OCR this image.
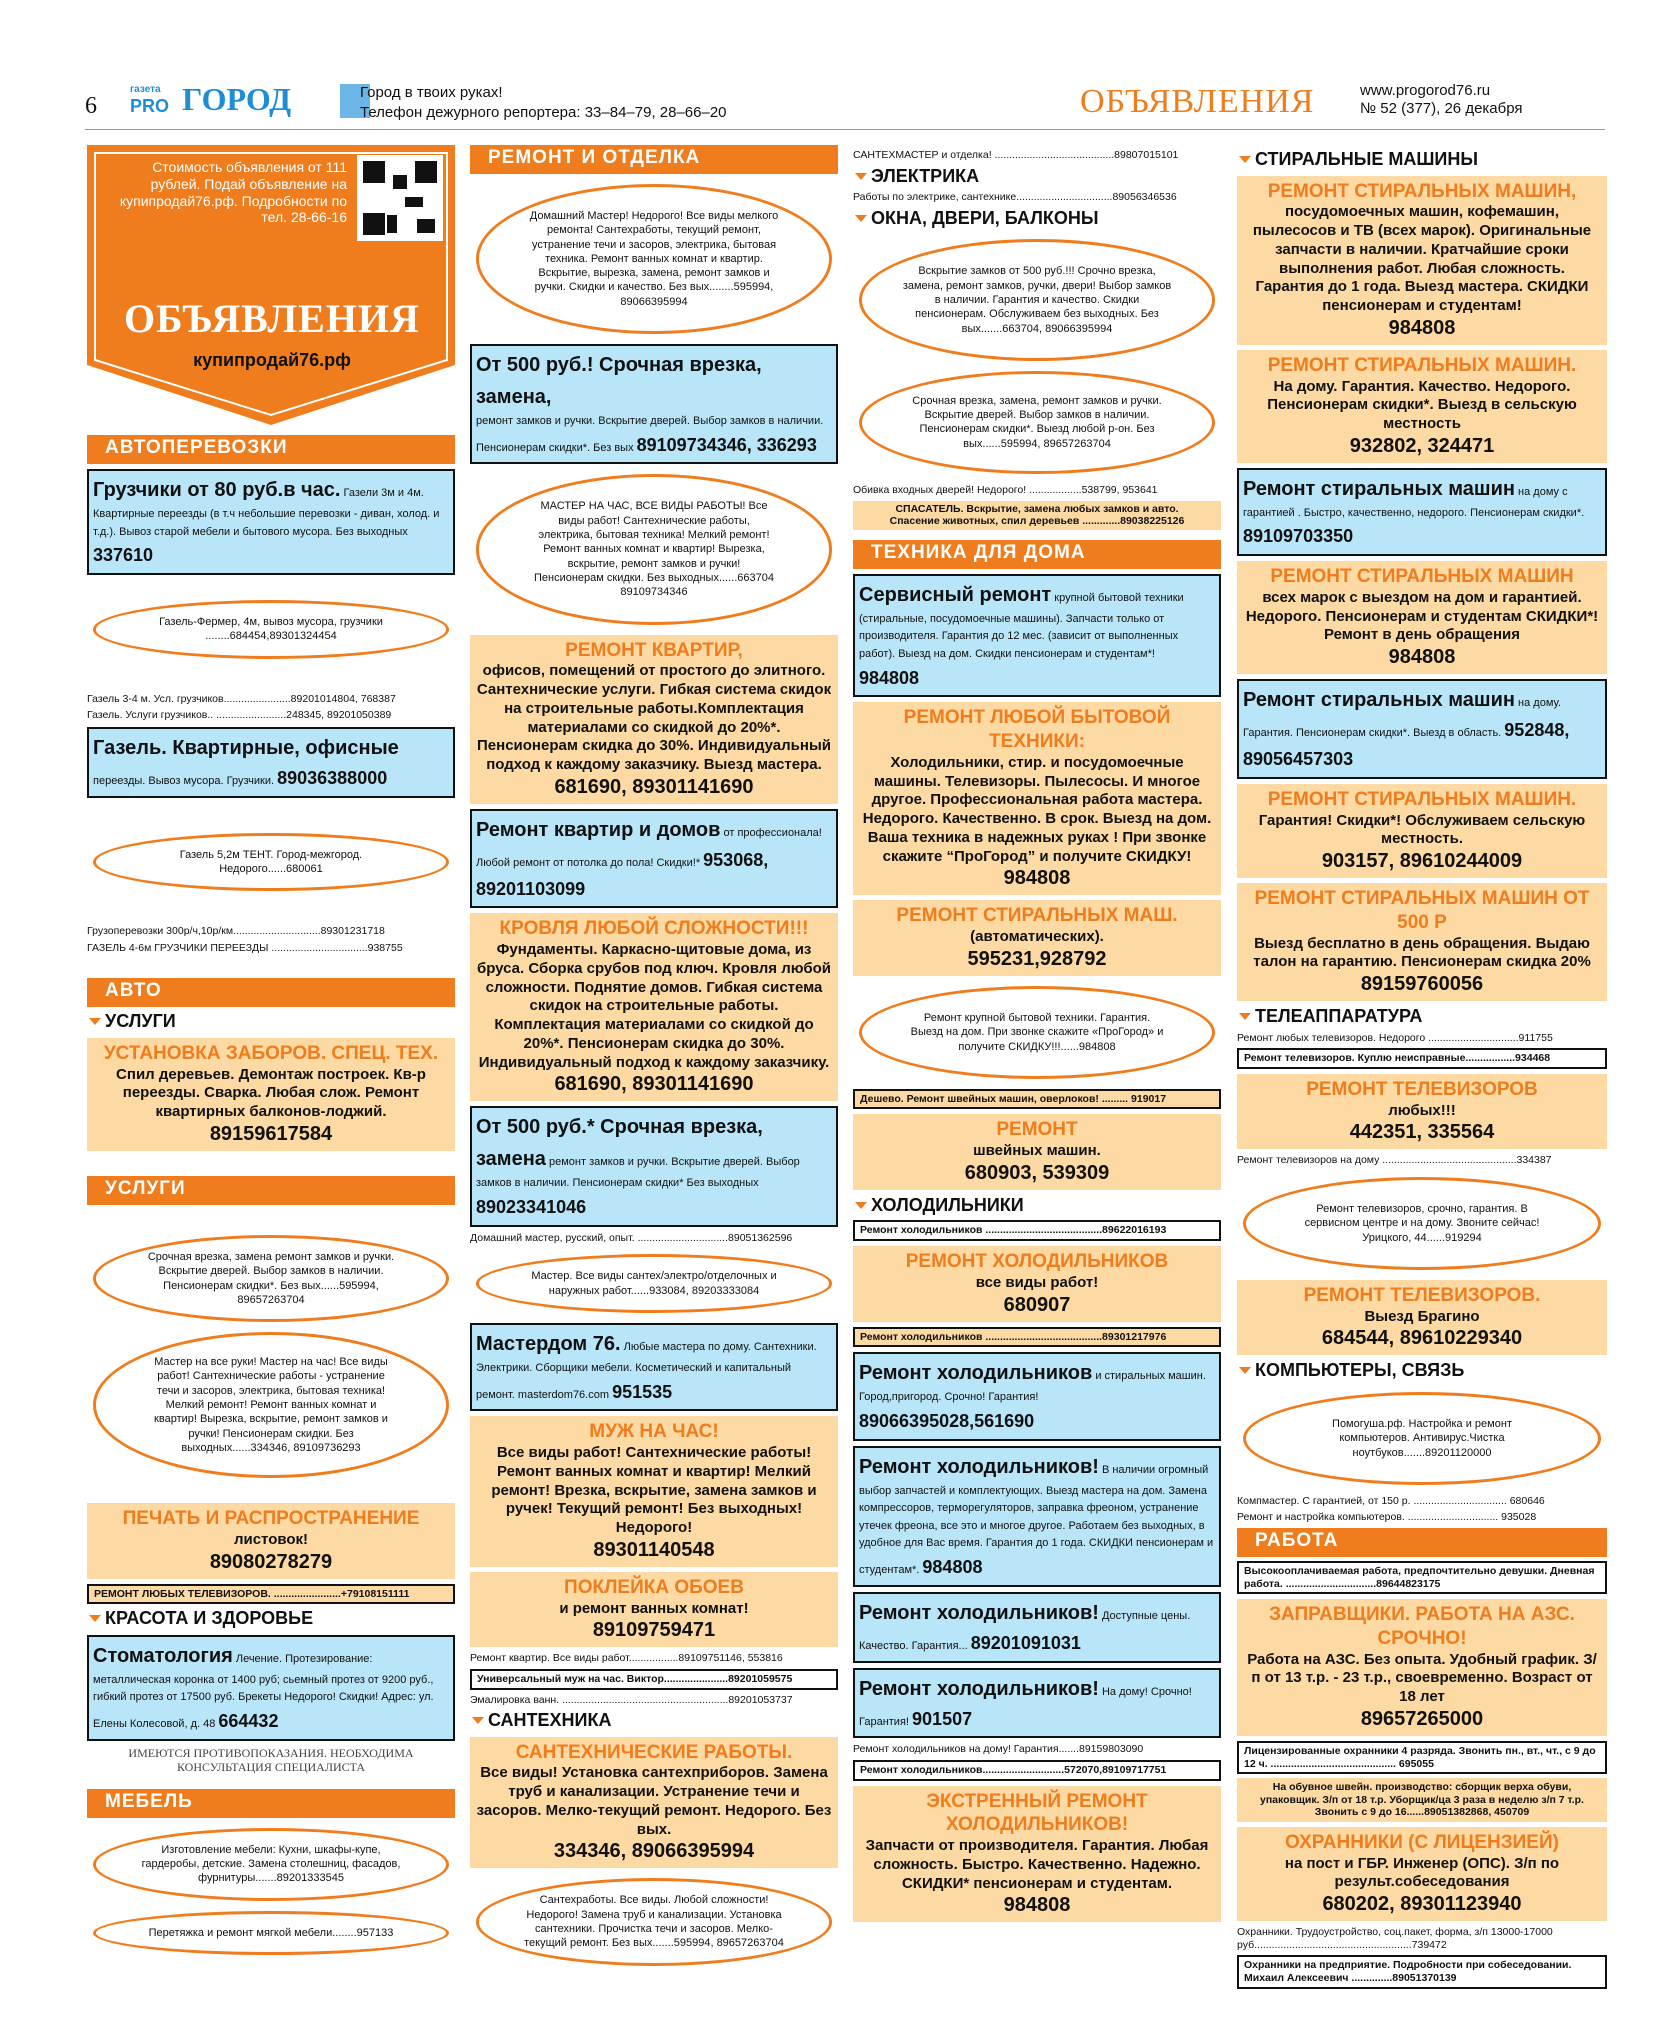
6
газета
PRO ГОРОД	Город в твоих руках!
Телефон дежурного репортера: 33–84–79, 28–66–20	ОБЪЯВЛЕНИЯ	www.progorod76.ru
№ 52 (377), 26 декабря
Стоимость объявления от 111 рублей. Подай объявление на купипродай76.рф. Подробности по тел. 28-66-16
ОБЪЯВЛЕНИЯ
купипродай76.рф
АВТОПЕРЕВОЗКИ
Грузчики от 80 руб.в час. Газели 3м и 4м. Квартирные переезды (в т.ч небольшие перевозки - диван, холод. и т.д.). Вывоз старой мебели и бытового мусора. Без выходных 337610
Газель-Фермер, 4м, вывоз мусора, грузчики ........684454,89301324454
Газель 3-4 м. Усл. грузчиков.......................89201014804, 768387
Газель. Услуги грузчиков.. ........................248345, 89201050389
Газель. Квартирные, офисные
переезды. Вывоз мусора. Грузчики. 89036388000
Газель 5,2м ТЕНТ. Город-межгород. Недорого......680061
Грузоперевозки 300р/ч,10р/км..............................89301231718
ГАЗЕЛЬ 4-6м ГРУЗЧИКИ ПЕРЕЕЗДЫ .................................938755
АВТО
УСЛУГИ
УСТАНОВКА ЗАБОРОВ. СПЕЦ. ТЕХ.
Спил деревьев. Демонтаж построек. Кв-р переезды. Сварка. Любая слож. Ремонт квартирных балконов-лоджий.
89159617584
УСЛУГИ
Срочная врезка, замена ремонт замков и ручки. Вскрытие дверей. Выбор замков в наличии. Пенсионерам скидки*. Без вых......595994, 89657263704
Мастер на все руки! Мастер на час! Все виды работ! Сантехнические работы - устранение течи и засоров, электрика, бытовая техника! Мелкий ремонт! Ремонт ванных комнат и квартир! Вырезка, вскрытие, ремонт замков и ручки! Пенсионерам скидки. Без выходных......334346, 89109736293
ПЕЧАТЬ И РАСПРОСТРАНЕНИЕ
листовок!
89080278279
РЕМОНТ ЛЮБЫХ ТЕЛЕВИЗОРОВ. .......................+79108151111
КРАСОТА И ЗДОРОВЬЕ
Стоматология Лечение. Протезирование: металлическая коронка от 1400 руб; сьемный протез от 9200 руб., гибкий протез от 17500 руб. Брекеты Недорого! Скидки! Адрес: ул. Елены Колесовой, д. 48 664432
ИМЕЮТСЯ ПРОТИВОПОКАЗАНИЯ. НЕОБХОДИМА КОНСУЛЬТАЦИЯ СПЕЦИАЛИСТА
МЕБЕЛЬ
Изготовление мебели: Кухни, шкафы-купе, гардеробы, детские. Замена столешниц, фасадов, фурнитуры.......89201333545
Перетяжка и ремонт мягкой мебели........957133
РЕМОНТ И ОТДЕЛКА
Домашний Мастер! Недорого! Все виды мелкого ремонта! Сантехработы, текущий ремонт, устранение течи и засоров, электрика, бытовая техника. Ремонт ванных комнат и квартир. Вскрытие, вырезка, замена, ремонт замков и ручки. Скидки и качество. Без вых........595994, 89066395994
От 500 руб.! Срочная врезка, замена,
ремонт замков и ручки. Вскрытие дверей. Выбор замков в наличии. Пенсионерам скидки*. Без вых 89109734346, 336293
МАСТЕР НА ЧАС, ВСЕ ВИДЫ РАБОТЫ! Все виды работ! Сантехнические работы, электрика, бытовая техника! Мелкий ремонт! Ремонт ванных комнат и квартир! Вырезка, вскрытие, ремонт замков и ручки! Пенсионерам скидки. Без выходных......663704 89109734346
РЕМОНТ КВАРТИР,
офисов, помещений от простого до элитного. Сантехнические услуги. Гибкая система скидок на строительные работы.Комплектация материалами со скидкой до 20%*. Пенсионерам скидка до 30%. Индивидуальный подход к каждому заказчику. Выезд мастера.
681690, 89301141690
Ремонт квартир и домов от профессионала! Любой ремонт от потолка до пола! Скидки!* 953068, 89201103099
КРОВЛЯ ЛЮБОЙ СЛОЖНОСТИ!!!
Фундаменты. Каркасно-щитовые дома, из бруса. Сборка срубов под ключ. Кровля любой сложности. Поднятие домов. Гибкая система скидок на строительные работы. Комплектация материалами со скидкой до 20%*. Пенсионерам скидка до 30%. Индивидуальный подход к каждому заказчику.
681690, 89301141690
От 500 руб.* Срочная врезка, замена ремонт замков и ручки. Вскрытие дверей. Выбор замков в наличии. Пенсионерам скидки* Без выходных 89023341046
Домашний мастер, русский, опыт. ...............................89051362596
Мастер. Все виды сантех/электро/отделочных и наружных работ......933084, 89203333084
Мастердом 76. Любые мастера по дому. Сантехники. Электрики. Сборщики мебели. Косметический и капитальный ремонт. masterdom76.com 951535
МУЖ НА ЧАС!
Все виды работ! Сантехнические работы! Ремонт ванных комнат и квартир! Мелкий ремонт! Врезка, вскрытие, замена замков и ручек! Текущий ремонт! Без выходных! Недорого!
89301140548
ПОКЛЕЙКА ОБОЕВ
и ремонт ванных комнат!
89109759471
Ремонт квартир. Все виды работ.................89109751146, 553816
Универсальный муж на час. Виктор......................89201059575
Эмалировка ванн. .........................................................89201053737
САНТЕХНИКА
САНТЕХНИЧЕСКИЕ РАБОТЫ.
Все виды! Установка сантехприборов. Замена труб и канализации. Устранение течи и засоров. Мелко-текущий ремонт. Недорого. Без вых.
334346, 89066395994
Сантехработы. Все виды. Любой сложности! Недорого! Замена труб и канализации. Установка сантехники. Прочистка течи и засоров. Мелко-текущий ремонт. Без вых.......595994, 89657263704
САНТЕХМАСТЕР и отделка! .........................................89807015101
ЭЛЕКТРИКА
Работы по электрике, сантехнике.................................89056346536
ОКНА, ДВЕРИ, БАЛКОНЫ
Вскрытие замков от 500 руб.!!! Срочно врезка, замена, ремонт замков, ручки, двери! Выбор замков в наличии. Гарантия и качество. Скидки пенсионерам. Обслуживаем без выходных. Без вых.......663704, 89066395994
Срочная врезка, замена, ремонт замков и ручки. Вскрытие дверей. Выбор замков в наличии. Пенсионерам скидки*. Выезд любой р-он. Без вых......595994, 89657263704
Обивка входных дверей! Недорого! ..................538799, 953641
СПАСАТЕЛЬ. Вскрытие, замена любых замков и авто.
Спасение животных, спил деревьев .............89038225126
ТЕХНИКА ДЛЯ ДОМА
Сервисный ремонт крупной бытовой техники (стиральные, посудомоечные машины). Запчасти только от производителя. Гарантия до 12 мес. (зависит от выполненных работ). Выезд на дом. Скидки пенсионерам и студентам*! 984808
РЕМОНТ ЛЮБОЙ БЫТОВОЙ ТЕХНИКИ:
Холодильники, стир. и посудомоечные машины. Телевизоры. Пылесосы. И многое другое. Профессиональная работа мастера. Недорого. Качественно. В срок. Выезд на дом. Ваша техника в надежных руках ! При звонке скажите “ПроГород” и получите СКИДКУ!
984808
РЕМОНТ СТИРАЛЬНЫХ МАШ.
(автоматических).
595231,928792
Ремонт крупной бытовой техники. Гарантия. Выезд на дом. При звонке скажите «ПроГород» и получите СКИДКУ!!!......984808
Дешево. Ремонт швейных машин, оверлоков! ......... 919017
РЕМОНТ
швейных машин.
680903, 539309
ХОЛОДИЛЬНИКИ
Ремонт холодильников ........................................89622016193
РЕМОНТ ХОЛОДИЛЬНИКОВ
все виды работ!
680907
Ремонт холодильников ........................................89301217976
Ремонт холодильников и стиральных машин. Город,пригород. Срочно! Гарантия! 89066395028,561690
Ремонт холодильников! В наличии огромный выбор запчастей и комплектующих. Выезд мастера на дом. Замена компрессоров, терморегуляторов, заправка фреоном, устранение утечек фреона, все это и многое другое. Работаем без выходных, в удобное для Вас время. Гарантия до 1 года. СКИДКИ пенсионерам и студентам*. 984808
Ремонт холодильников! Доступные цены. Качество. Гарантия... 89201091031
Ремонт холодильников! На дому! Срочно! Гарантия! 901507
Ремонт холодильников на дому! Гарантия.......89159803090
Ремонт холодильников............................572070,89109717751
ЭКСТРЕННЫЙ РЕМОНТ ХОЛОДИЛЬНИКОВ!
Запчасти от производителя. Гарантия. Любая сложность. Быстро. Качественно. Надежно. СКИДКИ* пенсионерам и студентам.
984808
СТИРАЛЬНЫЕ МАШИНЫ
РЕМОНТ СТИРАЛЬНЫХ МАШИН,
посудомоечных машин, кофемашин, пылесосов и ТВ (всех марок). Оригинальные запчасти в наличии. Кратчайшие сроки выполнения работ. Любая сложность. Гарантия до 1 года. Выезд мастера. СКИДКИ пенсионерам и студентам!
984808
РЕМОНТ СТИРАЛЬНЫХ МАШИН.
На дому. Гарантия. Качество. Недорого. Пенсионерам скидки*. Выезд в сельскую местность
932802, 324471
Ремонт стиральных машин на дому с гарантией . Быстро, качественно, недорого. Пенсионерам скидки*. 89109703350
РЕМОНТ СТИРАЛЬНЫХ МАШИН
всех марок с выездом на дом и гарантией. Недорого. Пенсионерам и студентам СКИДКИ*! Ремонт в день обращения
984808
Ремонт стиральных машин на дому. Гарантия. Пенсионерам скидки*. Выезд в область. 952848, 89056457303
РЕМОНТ СТИРАЛЬНЫХ МАШИН.
Гарантия! Скидки*! Обслуживаем сельскую местность.
903157, 89610244009
РЕМОНТ СТИРАЛЬНЫХ МАШИН ОТ 500 Р
Выезд бесплатно в день обращения. Выдаю талон на гарантию. Пенсионерам скидка 20%
89159760056
ТЕЛЕАППАРАТУРА
Ремонт любых телевизоров. Недорого ...............................911755
Ремонт телевизоров. Куплю неисправные.................934468
РЕМОНТ ТЕЛЕВИЗОРОВ
любых!!!
442351, 335564
Ремонт телевизоров на дому ..............................................334387
Ремонт телевизоров, срочно, гарантия. В сервисном центре и на дому. Звоните сейчас! Урицкого, 44......919294
РЕМОНТ ТЕЛЕВИЗОРОВ.
Выезд Брагино
684544, 89610229340
КОМПЬЮТЕРЫ, СВЯЗЬ
Помогуша.рф. Настройка и ремонт компьютеров. Антивирус.Чистка ноутбуков.......89201120000
Компмастер. С гарантией, от 150 р. ................................ 680646
Ремонт и настройка компьютеров. ............................... 935028
РАБОТА
Высокооплачиваемая работа, предпочтительно девушки. Дневная работа. ...............................89644823175
ЗАПРАВЩИКИ. РАБОТА НА АЗС. СРОЧНО!
Работа на АЗС. Без опыта. Удобный график. З/п от 13 т.р. - 23 т.р., своевременно. Возраст от 18 лет
89657265000
Лицензированные охранники 4 разряда. Звонить пн., вт., чт., с 9 до 12 ч. ........................................... 695055
На обувное швейн. производство: сборщик верха обуви, упаковщик. З/п от 18 т.р. Уборщик/ца 3 раза в неделю з/п 7 т.р. Звонить с 9 до 16......89051382868, 450709
ОХРАННИКИ (С ЛИЦЕНЗИЕЙ)
на пост и ГБР. Инженер (ОПС). З/п по результ.собеседования
680202, 89301123940
Охранники. Трудоустройство, соц.пакет, форма, з/п 13000-17000 руб......................................................739472
Охранники на предприятие. Подробности при собеседовании. Михаил Алексеевич ..............89051370139
